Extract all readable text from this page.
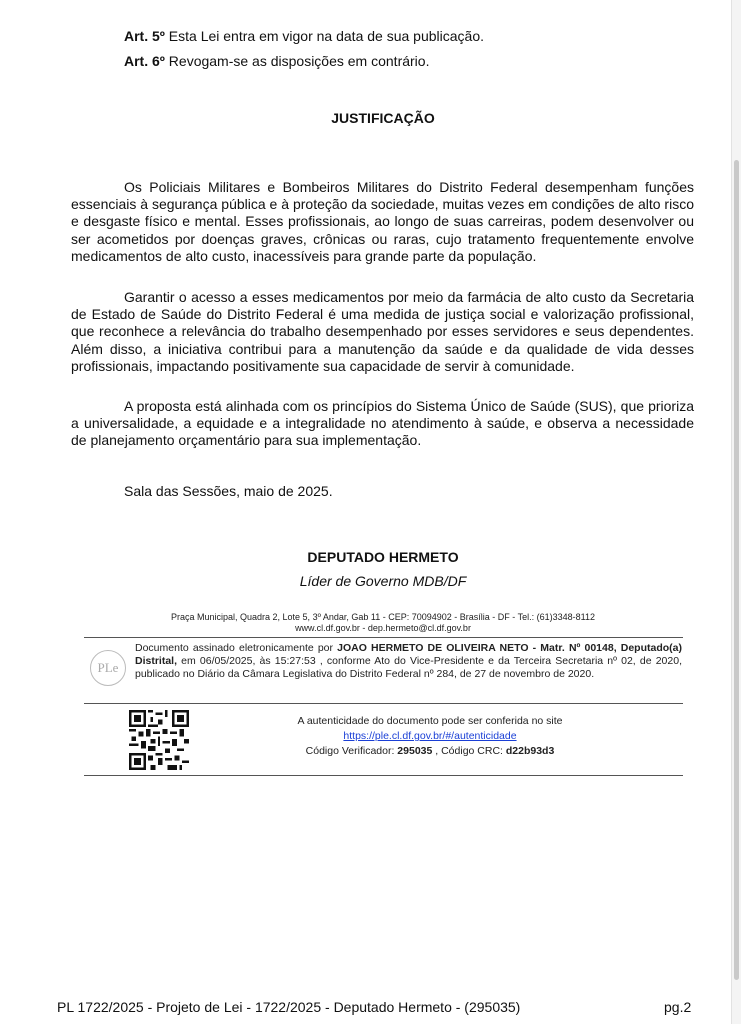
Art. 5º Esta Lei entra em vigor na data de sua publicação.
Art. 6º Revogam-se as disposições em contrário.
JUSTIFICAÇÃO

Os Policiais Militares e Bombeiros Militares do Distrito Federal desempenham funções essenciais à segurança pública e à proteção da sociedade, muitas vezes em condições de alto risco e desgaste físico e mental. Esses profissionais, ao longo de suas carreiras, podem desenvolver ou ser acometidos por doenças graves, crônicas ou raras, cujo tratamento frequentemente envolve medicamentos de alto custo, inacessíveis para grande parte da população.

Garantir o acesso a esses medicamentos por meio da farmácia de alto custo da Secretaria de Estado de Saúde do Distrito Federal é uma medida de justiça social e valorização profissional, que reconhece a relevância do trabalho desempenhado por esses servidores e seus dependentes. Além disso, a iniciativa contribui para a manutenção da saúde e da qualidade de vida desses profissionais, impactando positivamente sua capacidade de servir à comunidade.

A proposta está alinhada com os princípios do Sistema Único de Saúde (SUS), que prioriza a universalidade, a equidade e a integralidade no atendimento à saúde, e observa a necessidade de planejamento orçamentário para sua implementação.

Sala das Sessões, maio de 2025.
DEPUTADO HERMETO
Líder de Governo MDB/DF
Praça Municipal, Quadra 2, Lote 5, 3º Andar, Gab 11 - CEP: 70094902 - Brasília - DF - Tel.: (61)3348-8112
www.cl.df.gov.br - dep.hermeto@cl.df.gov.br
PLe

Documento assinado eletronicamente por JOAO HERMETO DE OLIVEIRA NETO - Matr. Nº 00148, Deputado(a) Distrital, em 06/05/2025, às 15:27:53 , conforme Ato do Vice-Presidente e da Terceira Secretaria nº 02, de 2020, publicado no Diário da Câmara Legislativa do Distrito Federal nº 284, de 27 de novembro de 2020.

A autenticidade do documento pode ser conferida no site
https://ple.cl.df.gov.br/#/autenticidade
Código Verificador: 295035 , Código CRC: d22b93d3
PL 1722/2025 - Projeto de Lei - 1722/2025 - Deputado Hermeto - (295035)	pg.2
